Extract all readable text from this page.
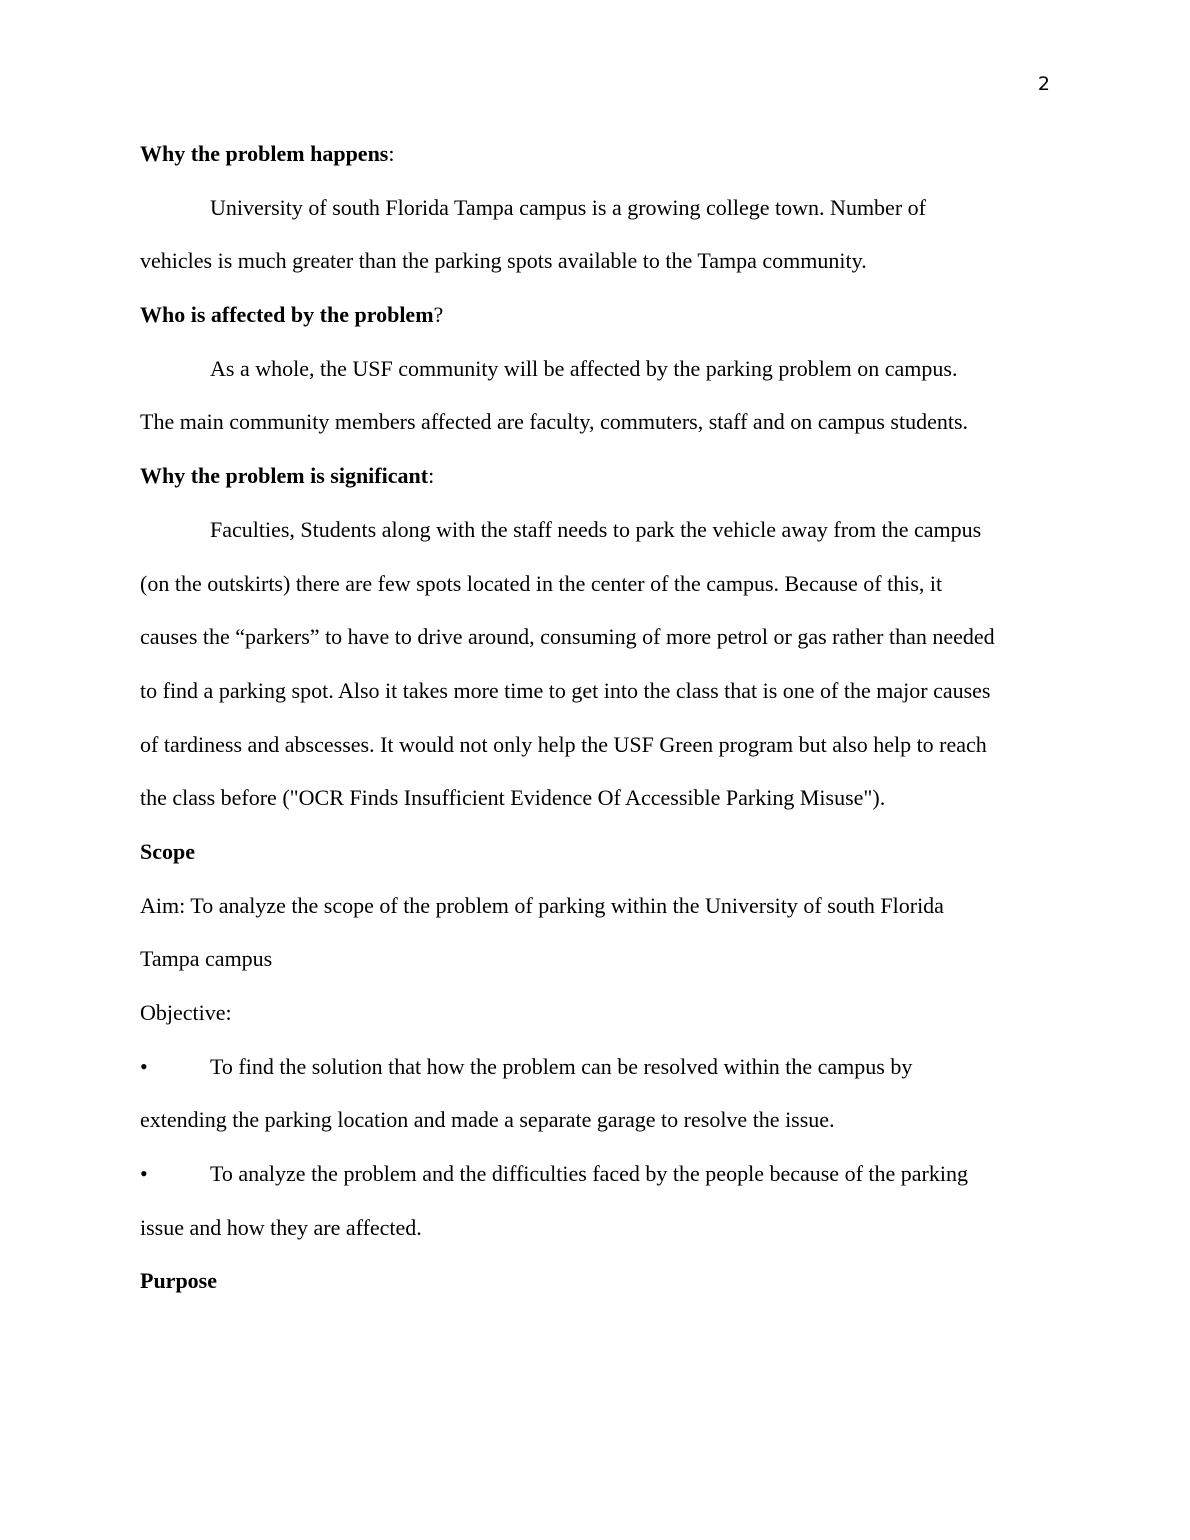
2
Why the problem happens:
University of south Florida Tampa campus is a growing college town. Number of
vehicles is much greater than the parking spots available to the Tampa community.
Who is affected by the problem?
As a whole, the USF community will be affected by the parking problem on campus.
The main community members affected are faculty, commuters, staff and on campus students.
Why the problem is significant:
Faculties, Students along with the staff needs to park the vehicle away from the campus
(on the outskirts) there are few spots located in the center of the campus. Because of this, it
causes the “parkers” to have to drive around, consuming of more petrol or gas rather than needed
to find a parking spot. Also it takes more time to get into the class that is one of the major causes
of tardiness and abscesses. It would not only help the USF Green program but also help to reach
the class before ("OCR Finds Insufficient Evidence Of Accessible Parking Misuse").
Scope
Aim: To analyze the scope of the problem of parking within the University of south Florida
Tampa campus
Objective:
•	To find the solution that how the problem can be resolved within the campus by
extending the parking location and made a separate garage to resolve the issue.
•	To analyze the problem and the difficulties faced by the people because of the parking
issue and how they are affected.
Purpose
